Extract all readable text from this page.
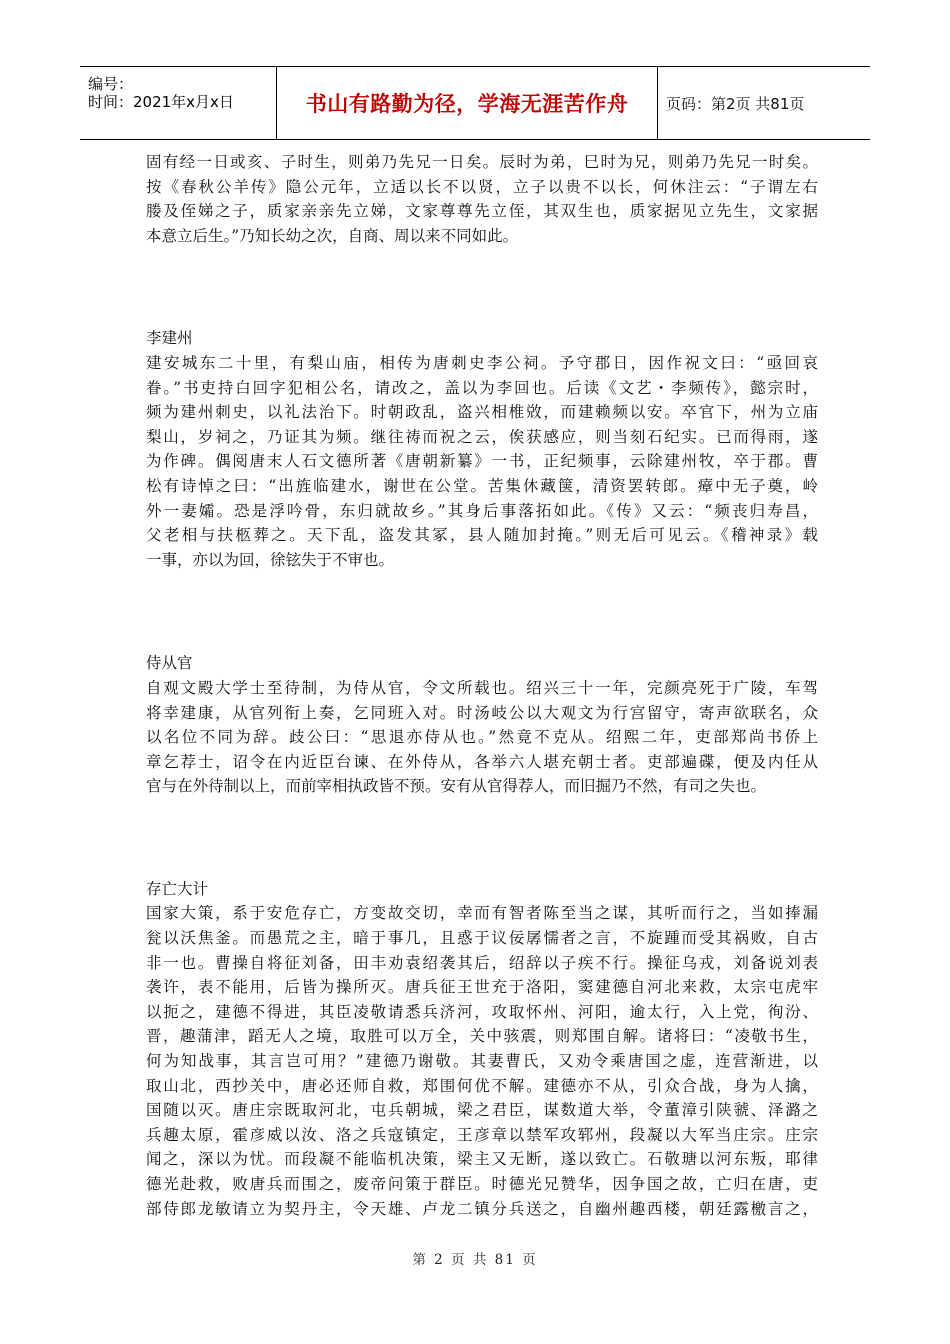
编号：
时间：2021年x月x日	书山有路勤为径，学海无涯苦作舟	页码：第2页 共81页
固有经一日或亥、子时生，则弟乃先兄一日矣。辰时为弟，巳时为兄，则弟乃先兄一时矣。
按《春秋公羊传》隐公元年，立适以长不以贤，立子以贵不以长，何休注云：“子谓左右
媵及侄娣之子，质家亲亲先立娣，文家尊尊先立侄，其双生也，质家据见立先生，文家据
本意立后生。”乃知长幼之次，自商、周以来不同如此。
李建州
建安城东二十里，有梨山庙，相传为唐刺史李公祠。予守郡日，因作祝文曰：“亟回哀
眷。”书吏持白回字犯相公名，请改之，盖以为李回也。后读《文艺・李频传》，懿宗时，
频为建州刺史，以礼法治下。时朝政乱，盗兴相椎敚，而建赖频以安。卒官下，州为立庙
梨山，岁祠之，乃证其为频。继往祷而祝之云，俟获感应，则当刻石纪实。已而得雨，遂
为作碑。偶阅唐末人石文德所著《唐朝新纂》一书，正纪频事，云除建州牧，卒于郡。曹
松有诗悼之曰：“出旌临建水，谢世在公堂。苦集休藏箧，清资罢转郎。瘴中无子奠，岭
外一妻孀。恐是浮吟骨，东归就故乡。”其身后事落拓如此。《传》又云：“频丧归寿昌，
父老相与扶柩葬之。天下乱，盗发其冢，县人随加封掩。”则无后可见云。《稽神录》载
一事，亦以为回，徐铉失于不审也。
侍从官
自观文殿大学士至待制，为侍从官，令文所载也。绍兴三十一年，完颜亮死于广陵，车驾
将幸建康，从官列衔上奏，乞同班入对。时汤岐公以大观文为行宫留守，寄声欲联名，众
以名位不同为辞。歧公曰：“思退亦侍从也。”然竟不克从。绍熙二年，吏部郑尚书侨上
章乞荐士，诏令在内近臣台谏、在外侍从，各举六人堪充朝士者。吏部遍碟，便及内任从
官与在外待制以上，而前宰相执政皆不预。安有从官得荐人，而旧掘乃不然，有司之失也。
存亡大计
国家大策，系于安危存亡，方变故交切，幸而有智者陈至当之谋，其听而行之，当如捧漏
瓮以沃焦釜。而愚荒之主，暗于事几，且惑于议佞孱懦者之言，不旋踵而受其祸败，自古
非一也。曹操自将征刘备，田丰劝袁绍袭其后，绍辞以子疾不行。操征乌戎，刘备说刘表
袭许，表不能用，后皆为操所灭。唐兵征王世充于洛阳，窦建德自河北来救，太宗屯虎牢
以扼之，建德不得进，其臣凌敬请悉兵济河，攻取怀州、河阳，逾太行，入上党，徇汾、
晋，趣蒲津，蹈无人之境，取胜可以万全，关中骇震，则郑围自解。诸将曰：“凌敬书生，
何为知战事，其言岂可用？”建德乃谢敬。其妻曹氏，又劝令乘唐国之虚，连营渐进，以
取山北，西抄关中，唐必还师自救，郑围何优不解。建德亦不从，引众合战，身为人擒，
国随以灭。唐庄宗既取河北，屯兵朝城，梁之君臣，谋数道大举，令董漳引陕虢、泽潞之
兵趣太原，霍彦威以汝、洛之兵寇镇定，王彦章以禁军攻郓州，段凝以大军当庄宗。庄宗
闻之，深以为忧。而段凝不能临机决策，梁主又无断，遂以致亡。石敬瑭以河东叛，耶律
德光赴救，败唐兵而围之，废帝问策于群臣。时德光兄赞华，因争国之故，亡归在唐，吏
部侍郎龙敏请立为契丹主，令天雄、卢龙二镇分兵送之，自幽州趣西楼，朝廷露檄言之，
第 2 页 共 81 页
